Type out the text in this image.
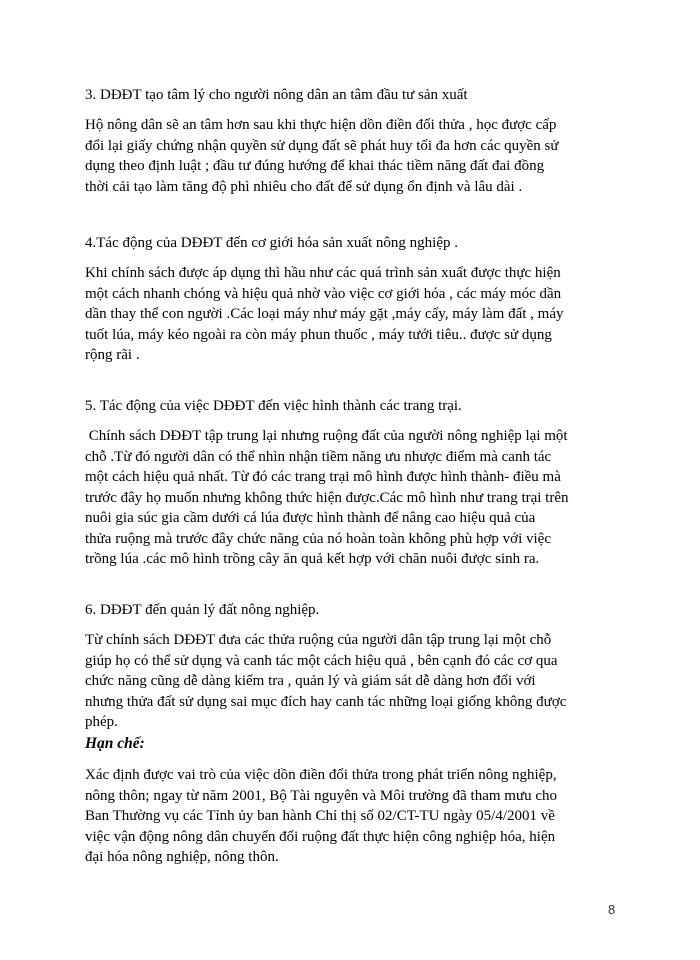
3. DĐĐT tạo tâm lý cho người nông dân an tâm đầu tư sản xuất
Hộ nông dân sẽ an tâm hơn sau khi thực hiện dồn điền đổi thửa , học được cấp
đổi lại giấy chứng nhận quyền sử dụng đất sẽ phát huy tối đa hơn các quyền sử
dụng theo định luật ; đầu tư đúng hướng để khai thác tiềm năng đất đai đồng
thời cải tạo làm tăng độ phì nhiêu cho đất để sử dụng ổn định và lâu dài .
4.Tác động của DĐĐT đến cơ giới hóa sản xuất nông nghiệp .
Khi chính sách được áp dụng thì hầu như các quá trình sản xuất được thực hiện
một cách nhanh chóng và hiệu quả nhờ vào việc cơ giới hóa , các máy móc dần
dần thay thế con người .Các loại máy như máy gặt ,máy cấy, máy làm đất , máy
tuốt lúa, máy kéo ngoài ra còn máy phun thuốc , máy tưới tiêu.. được sử dụng
rộng rãi .
5. Tác động của việc DĐĐT đến việc hình thành các trang trại.
Chính sách DĐĐT tập trung lại nhưng ruộng đất của người nông nghiệp lại một
chỗ .Từ đó người dân có thể nhìn nhận tiềm năng ưu nhược điểm mà canh tác
một cách hiệu quả nhất. Từ đó các trang trại mô hình được hình thành- điều mà
trước đây họ muốn nhưng không thức hiện được.Các mô hình như trang trại trên
nuôi gia súc gia cầm dưới cá lúa được hình thành để nâng cao hiệu quả của
thửa ruộng mà trước đây chức năng của nó hoàn toàn không phù hợp với việc
trồng lúa .các mô hình trồng cây ăn quả kết hợp với chăn nuôi được sinh ra.
6. DĐĐT đến quản lý đất nông nghiệp.
Từ chính sách DĐĐT đưa các thửa ruộng của người dân tập trung lại một chỗ
giúp họ có thể sử dụng và canh tác một cách hiệu quả , bên cạnh đó các cơ qua
chức năng cũng dễ dàng kiểm tra , quản lý và giám sát dễ dàng hơn đối với
nhưng thửa đất sử dụng sai mục đích hay canh tác những loại giống không được
phép.
Hạn chế:
Xác định được vai trò của việc dồn điền đổi thửa trong phát triển nông nghiệp,
nông thôn; ngay từ năm 2001, Bộ Tài nguyên và Môi trường đã tham mưu cho
Ban Thường vụ các Tỉnh ủy ban hành Chỉ thị số 02/CT-TU ngày 05/4/2001 về
việc vận động nông dân chuyển đổi ruộng đất thực hiện công nghiệp hóa, hiện
đại hóa nông nghiệp, nông thôn.
8
